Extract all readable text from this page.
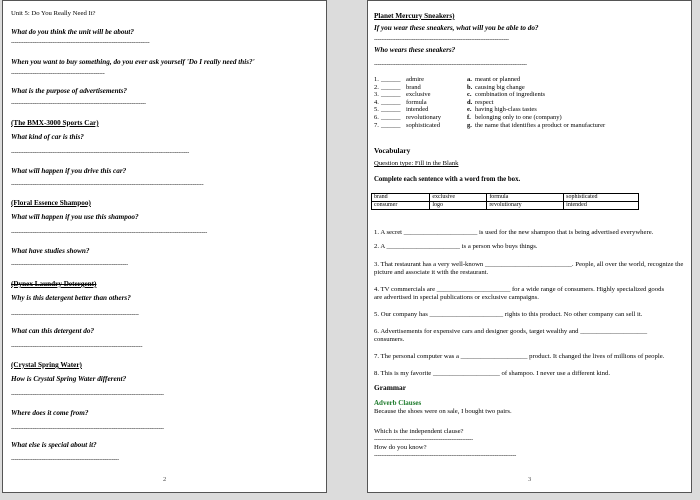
Unit 5: Do You Really Need It?
What do you think the unit will be about?
-----------------------------------------------------------------------------
When you want to buy something, do you ever ask yourself 'Do I really need this?'
----------------------------------------------------
What is the purpose of advertisements?
---------------------------------------------------------------------------
(The BMX-3000 Sports Car)
What kind of car is this?
---------------------------------------------------------------------------------------------------
What will happen if you drive this car?
-----------------------------------------------------------------------------------------------------------
(Floral Essence Shampoo)
What will happen if you use this shampoo?
-------------------------------------------------------------------------------------------------------------
What have studies shown?
-----------------------------------------------------------------
(Dynex Laundry Detergent)
Why is this detergent better than others?
-----------------------------------------------------------------------
What can this detergent do?
-------------------------------------------------------------------------
(Crystal Spring Water)
How is Crystal Spring Water different?
-------------------------------------------------------------------------------------
Where does it come from?
-------------------------------------------------------------------------------------
What else is special about it?
------------------------------------------------------------
2
Planet Mercury Sneakers)
If you wear these sneakers, what will you be able to do?
---------------------------------------------------------------------------
Who wears these sneakers?
-------------------------------------------------------------------------------------
1. ______ admire	a. meant or planned
2. ______ brand	b. causing big change
3. ______ exclusive	c. combination of ingredients
4. ______ formula	d. respect
5. ______ intended	e. having high-class tastes
6. ______ revolutionary	f. belonging only to one (company)
7. ______ sophisticated	g. the name that identifies a product or manufacturer
Vocabulary
Question type: Fill in the Blank
Complete each sentence with a word from the box.
brand	exclusive	formula	sophisticated
consumer	logo	revolutionary	intended
1. A secret ______________________ is used for the new shampoo that is being advertised everywhere.
2. A ______________________ is a person who buys things.
3. That restaurant has a very well-known __________________________. People, all over the world, recognize the
picture and associate it with the restaurant.
4. TV commercials are ______________________ for a wide range of consumers. Highly specialized goods
are advertised in special publications or exclusive campaigns.
5. Our company has ______________________ rights to this product. No other company can sell it.
6. Advertisements for expensive cars and designer goods, target wealthy and ____________________
consumers.
7. The personal computer was a ____________________ product. It changed the lives of millions of people.
8. This is my favorite ____________________ of shampoo. I never use a different kind.
Grammar
Adverb Clauses
Because the shoes were on sale, I bought two pairs.
Which is the independent clause?
-------------------------------------------------------
How do you know?
-------------------------------------------------------------------------------
3
